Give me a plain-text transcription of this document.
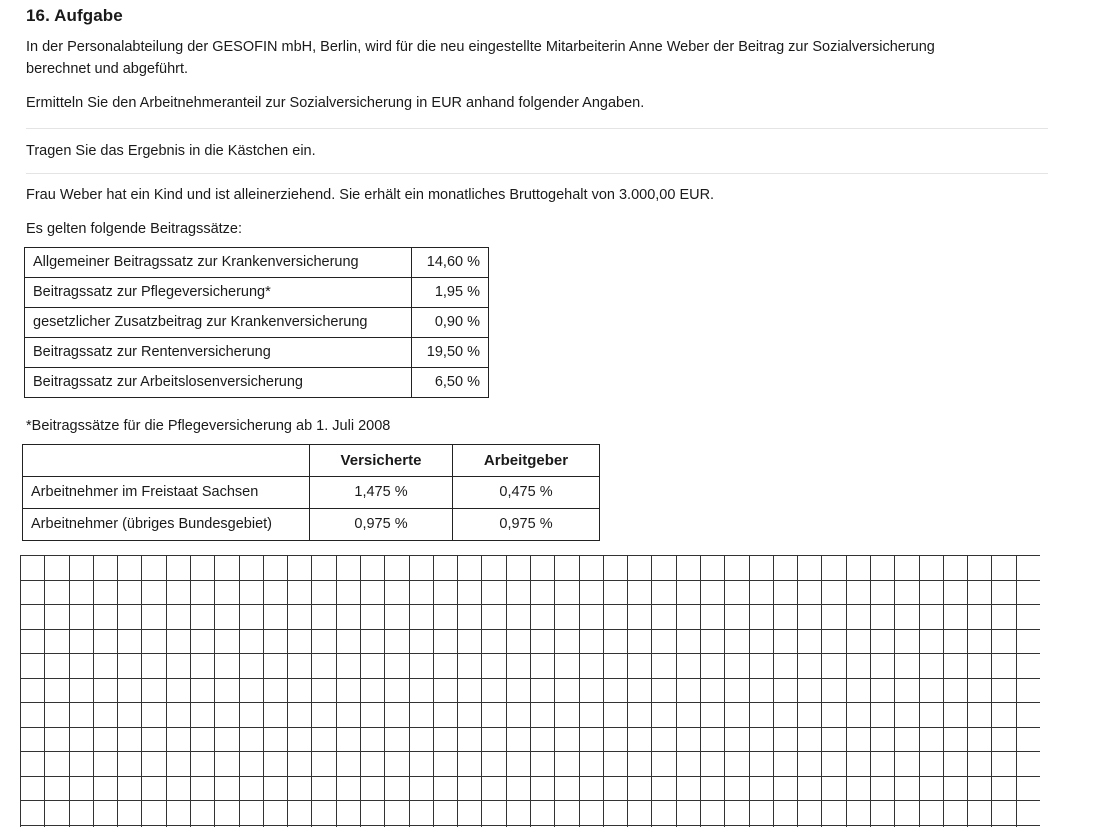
16. Aufgabe
In der Personalabteilung der GESOFIN mbH, Berlin, wird für die neu eingestellte Mitarbeiterin Anne Weber der Beitrag zur Sozialversicherung
berechnet und abgeführt.
Ermitteln Sie den Arbeitnehmeranteil zur Sozialversicherung in EUR anhand folgender Angaben.
Tragen Sie das Ergebnis in die Kästchen ein.
Frau Weber hat ein Kind und ist alleinerziehend. Sie erhält ein monatliches Bruttogehalt von 3.000,00 EUR.
Es gelten folgende Beitragssätze:
Allgemeiner Beitragssatz zur Krankenversicherung	14,60 %
Beitragssatz zur Pflegeversicherung*	1,95 %
gesetzlicher Zusatzbeitrag zur Krankenversicherung	0,90 %
Beitragssatz zur Rentenversicherung	19,50 %
Beitragssatz zur Arbeitslosenversicherung	6,50 %
*Beitragssätze für die Pflegeversicherung ab 1. Juli 2008
	Versicherte	Arbeitgeber
Arbeitnehmer im Freistaat Sachsen	1,475 %	0,475 %
Arbeitnehmer (übriges Bundesgebiet)	0,975 %	0,975 %
